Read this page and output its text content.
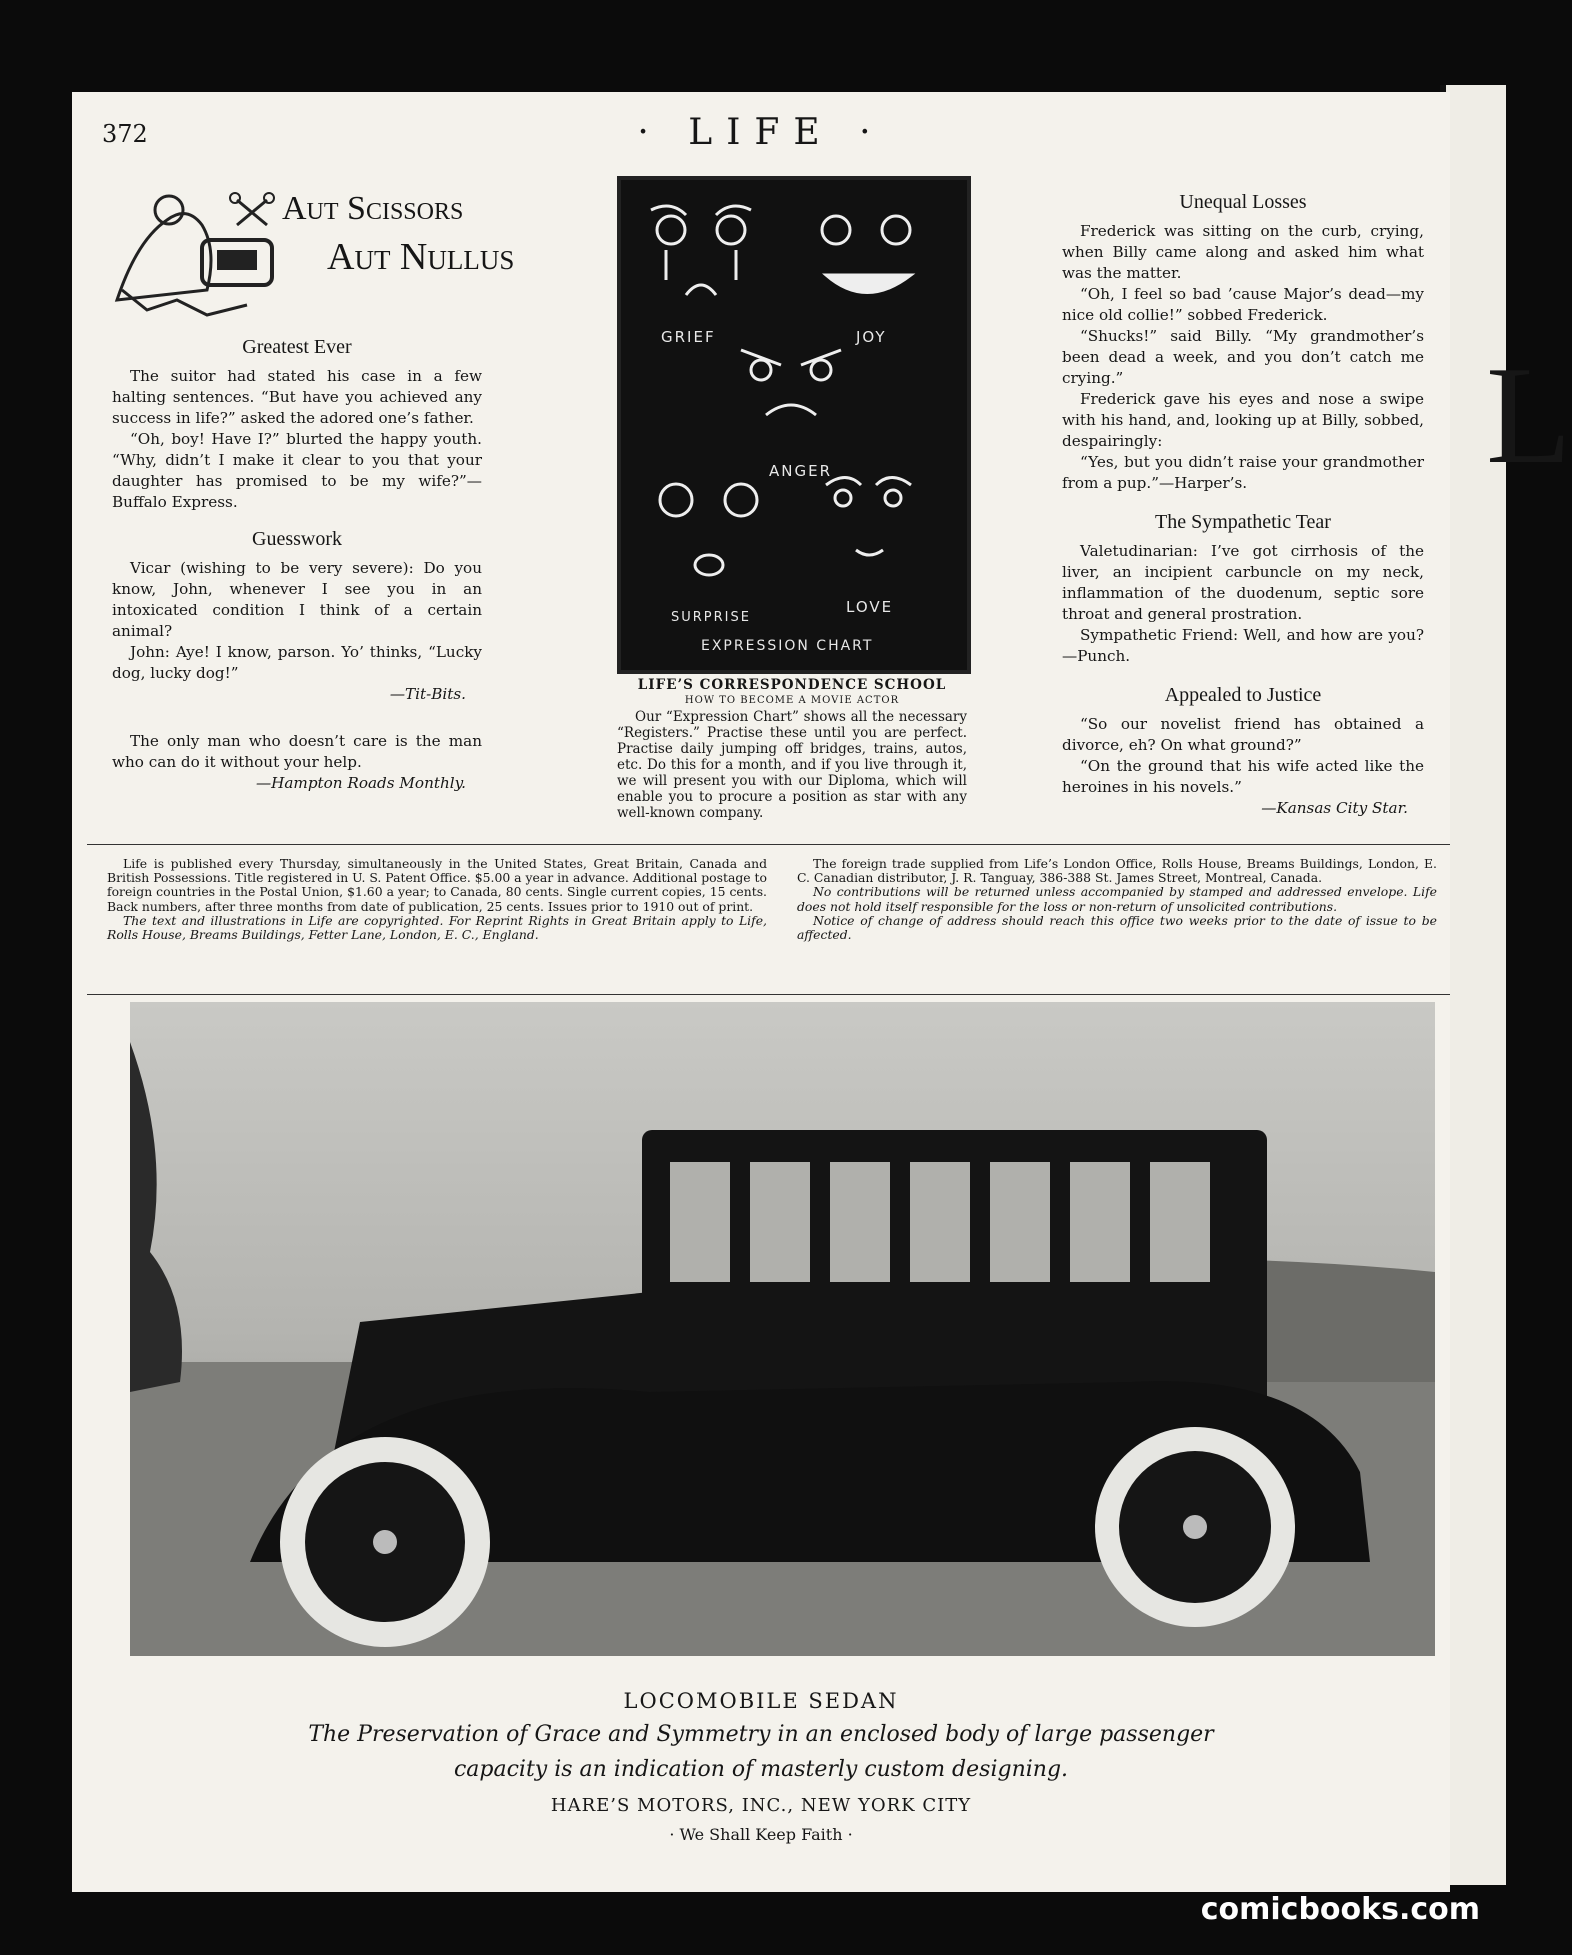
L
372	· LIFE ·
Aut Scissors
Aut Nullus
Greatest Ever

The suitor had stated his case in a few halting sentences. “But have you achieved any success in life?” asked the adored one’s father.

“Oh, boy! Have I?” blurted the happy youth. “Why, didn’t I make it clear to you that your daughter has promised to be my wife?”—Buffalo Express.

Guesswork

Vicar (wishing to be very severe): Do you know, John, whenever I see you in an intoxicated condition I think of a certain animal?

John: Aye! I know, parson. Yo’ thinks, “Lucky dog, lucky dog!”

—Tit-Bits.

The only man who doesn’t care is the man who can do it without your help.

—Hampton Roads Monthly.
GRIEF	JOY
ANGER
SURPRISE
LOVE
EXPRESSION CHART
LIFE’S CORRESPONDENCE SCHOOL
HOW TO BECOME A MOVIE ACTOR
Our “Expression Chart” shows all the necessary “Registers.” Practise these until you are perfect. Practise daily jumping off bridges, trains, autos, etc. Do this for a month, and if you live through it, we will present you with our Diploma, which will enable you to procure a position as star with any well-known company.
Unequal Losses

Frederick was sitting on the curb, crying, when Billy came along and asked him what was the matter.

“Oh, I feel so bad ’cause Major’s dead—my nice old collie!” sobbed Frederick.

“Shucks!” said Billy. “My grandmother’s been dead a week, and you don’t catch me crying.”

Frederick gave his eyes and nose a swipe with his hand, and, looking up at Billy, sobbed, despairingly:

“Yes, but you didn’t raise your grandmother from a pup.”—Harper’s.

The Sympathetic Tear

Valetudinarian: I’ve got cirrhosis of the liver, an incipient carbuncle on my neck, inflammation of the duodenum, septic sore throat and general prostration.

Sympathetic Friend: Well, and how are you?—Punch.

Appealed to Justice

“So our novelist friend has obtained a divorce, eh? On what ground?”

“On the ground that his wife acted like the heroines in his novels.”

—Kansas City Star.

Life is published every Thursday, simultaneously in the United States, Great Britain, Canada and British Possessions. Title registered in U. S. Patent Office. $5.00 a year in advance. Additional postage to foreign countries in the Postal Union, $1.60 a year; to Canada, 80 cents. Single current copies, 15 cents. Back numbers, after three months from date of publication, 25 cents. Issues prior to 1910 out of print.

The text and illustrations in Life are copyrighted. For Reprint Rights in Great Britain apply to Life, Rolls House, Breams Buildings, Fetter Lane, London, E. C., England.

The foreign trade supplied from Life’s London Office, Rolls House, Breams Buildings, London, E. C. Canadian distributor, J. R. Tanguay, 386-388 St. James Street, Montreal, Canada.

No contributions will be returned unless accompanied by stamped and addressed envelope. Life does not hold itself responsible for the loss or non-return of unsolicited contributions.

Notice of change of address should reach this office two weeks prior to the date of issue to be affected.

LOCOMOBILE SEDAN
The Preservation of Grace and Symmetry in an enclosed body of large passenger
capacity is an indication of masterly custom designing.
HARE’S MOTORS, INC., NEW YORK CITY
· We Shall Keep Faith ·
comicbooks.com
